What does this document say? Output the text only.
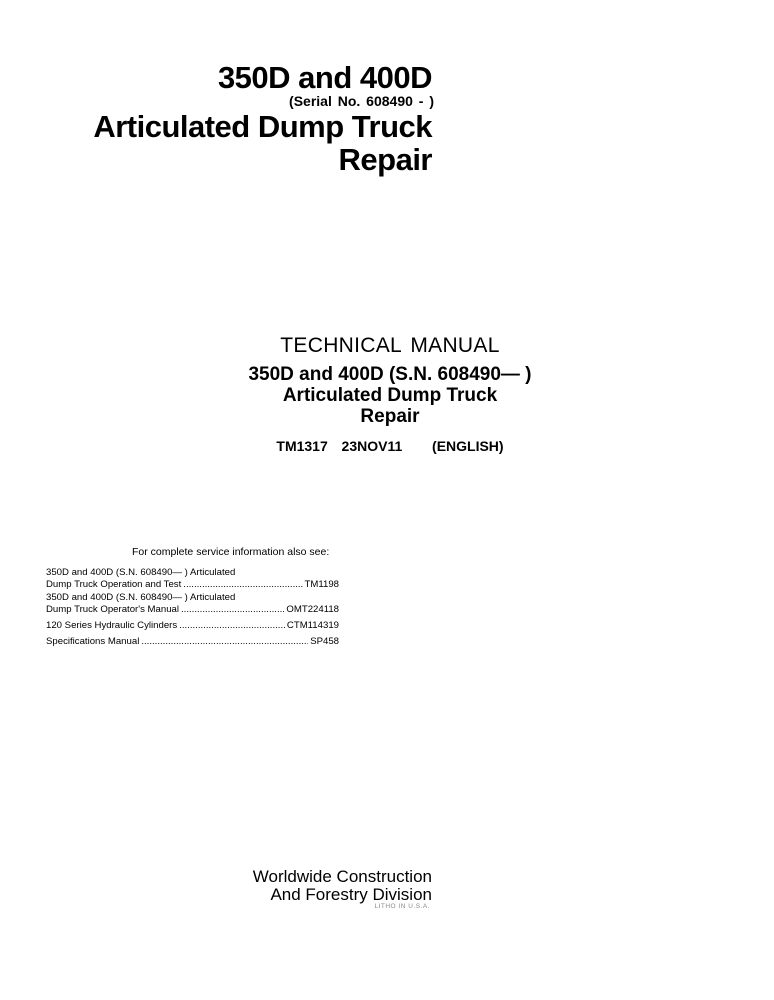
350D and 400D
(Serial No. 608490 - )
Articulated Dump Truck
Repair
TECHNICAL MANUAL
350D and 400D (S.N. 608490— )
Articulated Dump Truck
Repair
TM1317 23NOV11 (ENGLISH)
For complete service information also see:
350D and 400D (S.N. 608490— ) Articulated
Dump Truck Operation and Test .....	TM1198
350D and 400D (S.N. 608490— ) Articulated
Dump Truck Operator's Manual .....	OMT224118
120 Series Hydraulic Cylinders .....	CTM114319
Specifications Manual .....	SP458
Worldwide Construction
And Forestry Division
LITHO IN U.S.A.
